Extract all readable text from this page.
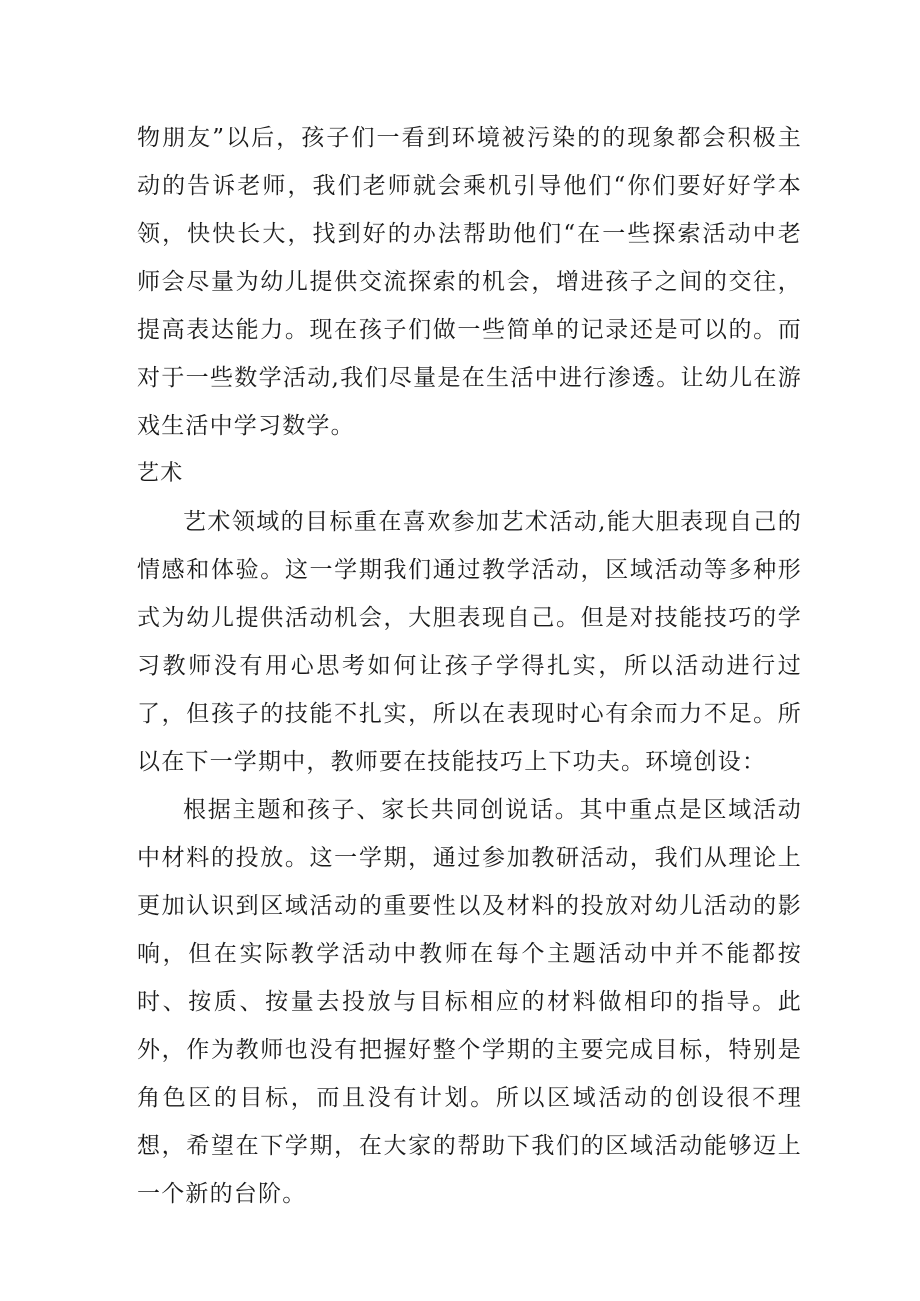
物朋友”以后，孩子们一看到环境被污染的的现象都会积极主动的告诉老师，我们老师就会乘机引导他们“你们要好好学本领，快快长大，找到好的办法帮助他们“在一些探索活动中老师会尽量为幼儿提供交流探索的机会，增进孩子之间的交往，提高表达能力。现在孩子们做一些简单的记录还是可以的。而对于一些数学活动,我们尽量是在生活中进行渗透。让幼儿在游戏生活中学习数学。

艺术

艺术领域的目标重在喜欢参加艺术活动,能大胆表现自己的情感和体验。这一学期我们通过教学活动，区域活动等多种形式为幼儿提供活动机会，大胆表现自己。但是对技能技巧的学习教师没有用心思考如何让孩子学得扎实，所以活动进行过了，但孩子的技能不扎实，所以在表现时心有余而力不足。所以在下一学期中，教师要在技能技巧上下功夫。环境创设：

根据主题和孩子、家长共同创说话。其中重点是区域活动中材料的投放。这一学期，通过参加教研活动，我们从理论上更加认识到区域活动的重要性以及材料的投放对幼儿活动的影响，但在实际教学活动中教师在每个主题活动中并不能都按时、按质、按量去投放与目标相应的材料做相印的指导。此外，作为教师也没有把握好整个学期的主要完成目标，特别是角色区的目标，而且没有计划。所以区域活动的创设很不理想，希望在下学期，在大家的帮助下我们的区域活动能够迈上一个新的台阶。
